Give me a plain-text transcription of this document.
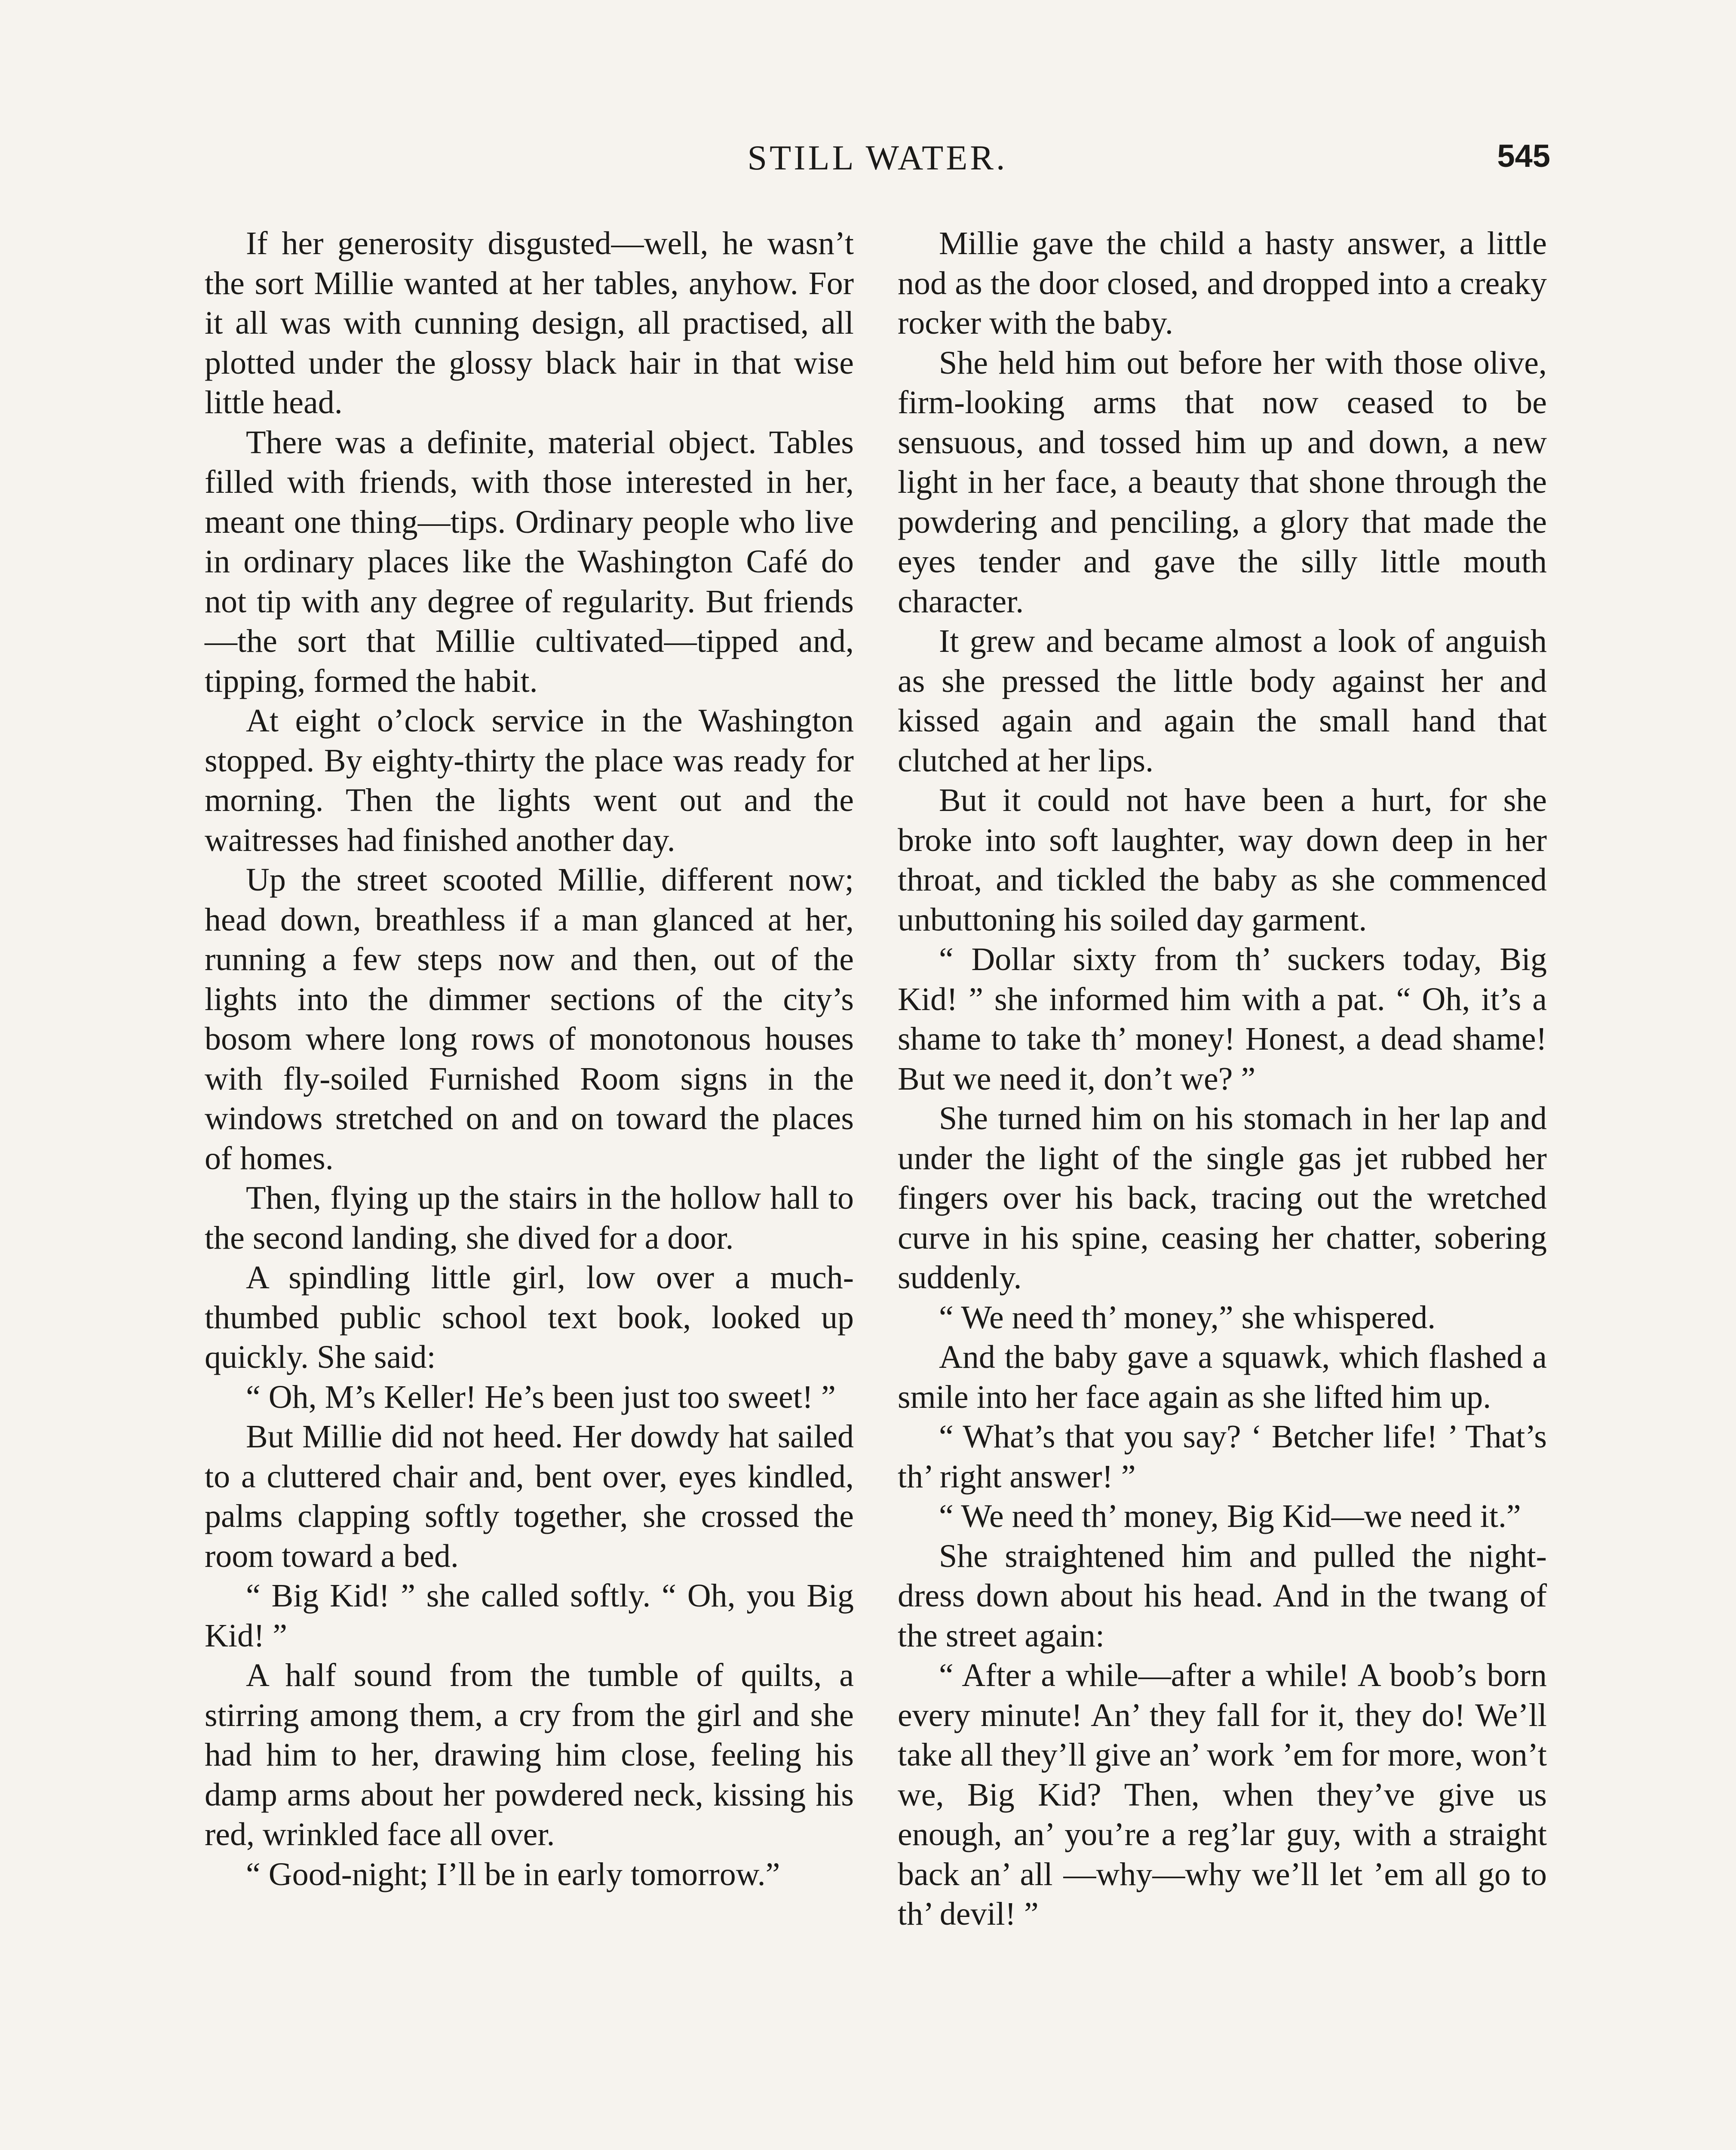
STILL WATER.	545

If her generosity disgusted—well, he wasn’t the sort Millie wanted at her tables, anyhow. For it all was with cunning design, all practised, all plotted under the glossy black hair in that wise little head.

There was a definite, material object. Tables filled with friends, with those interested in her, meant one thing—tips. Ordinary people who live in ordinary places like the Washington Café do not tip with any degree of regularity. But friends—the sort that Millie cultivated—tipped and, tipping, formed the habit.

At eight o’clock service in the Washington stopped. By eighty-thirty the place was ready for morning. Then the lights went out and the waitresses had finished another day.

Up the street scooted Millie, different now; head down, breathless if a man glanced at her, running a few steps now and then, out of the lights into the dimmer sections of the city’s bosom where long rows of monotonous houses with fly-soiled Furnished Room signs in the windows stretched on and on toward the places of homes.

Then, flying up the stairs in the hollow hall to the second landing, she dived for a door.

A spindling little girl, low over a much-thumbed public school text book, looked up quickly. She said:

“ Oh, M’s Keller! He’s been just too sweet! ”

But Millie did not heed. Her dowdy hat sailed to a cluttered chair and, bent over, eyes kindled, palms clapping softly together, she crossed the room toward a bed.

“ Big Kid! ” she called softly. “ Oh, you Big Kid! ”

A half sound from the tumble of quilts, a stirring among them, a cry from the girl and she had him to her, drawing him close, feeling his damp arms about her powdered neck, kissing his red, wrinkled face all over.

“ Good-night; I’ll be in early tomorrow.”

Millie gave the child a hasty answer, a little nod as the door closed, and dropped into a creaky rocker with the baby.

She held him out before her with those olive, firm-looking arms that now ceased to be sensuous, and tossed him up and down, a new light in her face, a beauty that shone through the powdering and penciling, a glory that made the eyes tender and gave the silly little mouth character.

It grew and became almost a look of anguish as she pressed the little body against her and kissed again and again the small hand that clutched at her lips.

But it could not have been a hurt, for she broke into soft laughter, way down deep in her throat, and tickled the baby as she commenced unbuttoning his soiled day garment.

“ Dollar sixty from th’ suckers today, Big Kid! ” she informed him with a pat. “ Oh, it’s a shame to take th’ money! Honest, a dead shame! But we need it, don’t we? ”

She turned him on his stomach in her lap and under the light of the single gas jet rubbed her fingers over his back, tracing out the wretched curve in his spine, ceasing her chatter, sobering suddenly.

“ We need th’ money,” she whispered.

And the baby gave a squawk, which flashed a smile into her face again as she lifted him up.

“ What’s that you say? ‘ Betcher life! ’ That’s th’ right answer! ”

“ We need th’ money, Big Kid—we need it.”

She straightened him and pulled the night-dress down about his head. And in the twang of the street again:

“ After a while—after a while! A boob’s born every minute! An’ they fall for it, they do! We’ll take all they’ll give an’ work ’em for more, won’t we, Big Kid? Then, when they’ve give us enough, an’ you’re a reg’lar guy, with a straight back an’ all —why—why we’ll let ’em all go to th’ devil! ”
